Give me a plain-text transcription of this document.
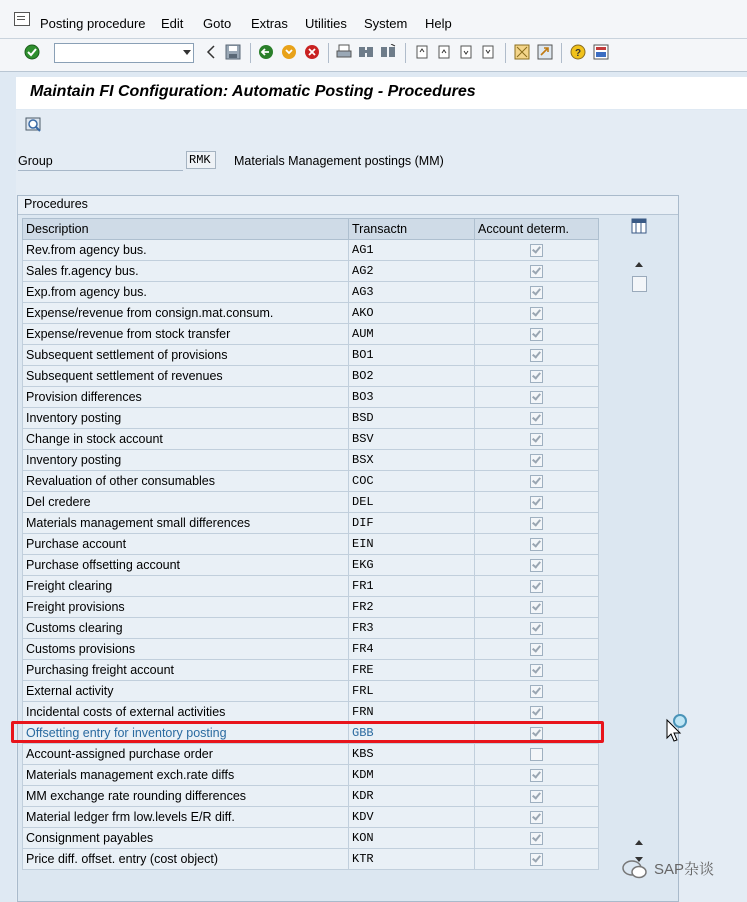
Posting procedure Edit Goto Extras Utilities System Help
?
Maintain FI Configuration: Automatic Posting - Procedures
Group	RMK	Materials Management postings (MM)
Procedures
Description	Transactn	Account determ.
Rev.from agency bus.	AG1	
Sales fr.agency bus.	AG2	
Exp.from agency bus.	AG3	
Expense/revenue from consign.mat.consum.	AKO	
Expense/revenue from stock transfer	AUM	
Subsequent settlement of provisions	BO1	
Subsequent settlement of revenues	BO2	
Provision differences	BO3	
Inventory posting	BSD	
Change in stock account	BSV	
Inventory posting	BSX	
Revaluation of other consumables	COC	
Del credere	DEL	
Materials management small differences	DIF	
Purchase account	EIN	
Purchase offsetting account	EKG	
Freight clearing	FR1	
Freight provisions	FR2	
Customs clearing	FR3	
Customs provisions	FR4	
Purchasing freight account	FRE	
External activity	FRL	
Incidental costs of external activities	FRN	
Offsetting entry for inventory posting	GBB	
Account-assigned purchase order	KBS	
Materials management exch.rate diffs	KDM	
MM exchange rate rounding differences	KDR	
Material ledger frm low.levels E/R diff.	KDV	
Consignment payables	KON	
Price diff. offset. entry (cost object)	KTR	
SAP杂谈
